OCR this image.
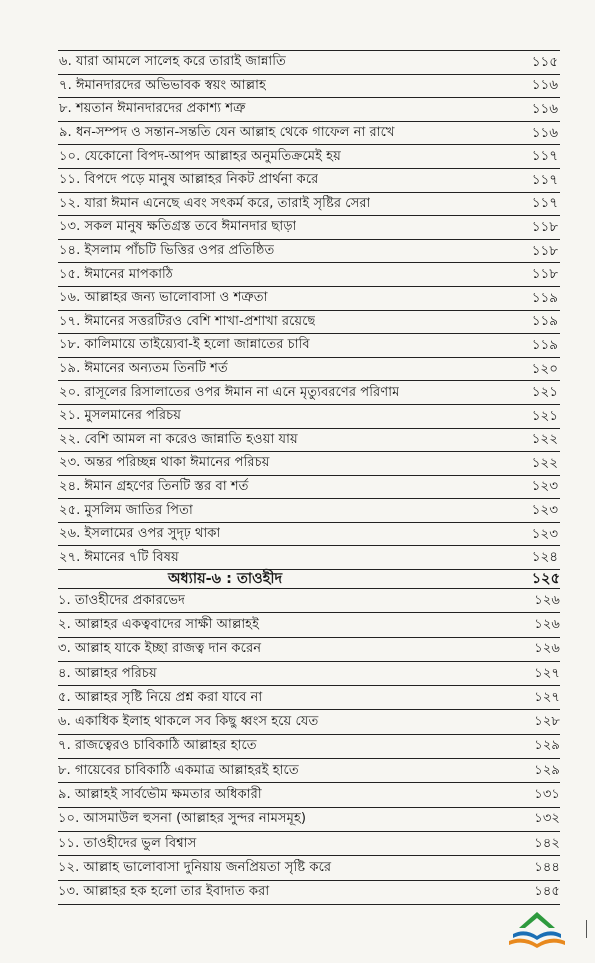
৬. যারা আমলে সালেহ করে তারাই জান্নাতি	১১৫
৭. ঈমানদারদের অভিভাবক স্বয়ং আল্লাহ	১১৬
৮. শয়তান ঈমানদারদের প্রকাশ্য শত্রু	১১৬
৯. ধন-সম্পদ ও সন্তান-সন্ততি যেন আল্লাহ থেকে গাফেল না রাখে	১১৬
১০. যেকোনো বিপদ-আপদ আল্লাহর অনুমতিক্রমেই হয়	১১৭
১১. বিপদে পড়ে মানুষ আল্লাহর নিকট প্রার্থনা করে	১১৭
১২. যারা ঈমান এনেছে এবং সৎকর্ম করে, তারাই সৃষ্টির সেরা	১১৭
১৩. সকল মানুষ ক্ষতিগ্রস্ত তবে ঈমানদার ছাড়া	১১৮
১৪. ইসলাম পাঁচটি ভিত্তির ওপর প্রতিষ্ঠিত	১১৮
১৫. ঈমানের মাপকাঠি	১১৮
১৬. আল্লাহর জন্য ভালোবাসা ও শত্রুতা	১১৯
১৭. ঈমানের সত্তরটিরও বেশি শাখা-প্রশাখা রয়েছে	১১৯
১৮. কালিমায়ে তাইয়্যেবা-ই হলো জান্নাতের চাবি	১১৯
১৯. ঈমানের অন্যতম তিনটি শর্ত	১২০
২০. রাসূলের রিসালাতের ওপর ঈমান না এনে মৃত্যুবরণের পরিণাম	১২১
২১. মুসলমানের পরিচয়	১২১
২২. বেশি আমল না করেও জান্নাতি হওয়া যায়	১২২
২৩. অন্তর পরিচ্ছন্ন থাকা ঈমানের পরিচয়	১২২
২৪. ঈমান গ্রহণের তিনটি স্তর বা শর্ত	১২৩
২৫. মুসলিম জাতির পিতা	১২৩
২৬. ইসলামের ওপর সুদৃঢ় থাকা	১২৩
২৭. ঈমানের ৭টি বিষয়	১২৪
অধ্যায়-৬ : তাওহীদ	১২৫
১. তাওহীদের প্রকারভেদ	১২৬
২. আল্লাহর একত্ববাদের সাক্ষী আল্লাহই	১২৬
৩. আল্লাহ যাকে ইচ্ছা রাজত্ব দান করেন	১২৬
৪. আল্লাহর পরিচয়	১২৭
৫. আল্লাহর সৃষ্টি নিয়ে প্রশ্ন করা যাবে না	১২৭
৬. একাধিক ইলাহ থাকলে সব কিছু ধ্বংস হয়ে যেত	১২৮
৭. রাজত্বেরও চাবিকাঠি আল্লাহর হাতে	১২৯
৮. গায়েবের চাবিকাঠি একমাত্র আল্লাহরই হাতে	১২৯
৯. আল্লাহই সার্বভৌম ক্ষমতার অধিকারী	১৩১
১০. আসমাউল হুসনা (আল্লাহর সুন্দর নামসমূহ)	১৩২
১১. তাওহীদের ভুল বিশ্বাস	১৪২
১২. আল্লাহ ভালোবাসা দুনিয়ায় জনপ্রিয়তা সৃষ্টি করে	১৪৪
১৩. আল্লাহর হক হলো তার ইবাদাত করা	১৪৫
